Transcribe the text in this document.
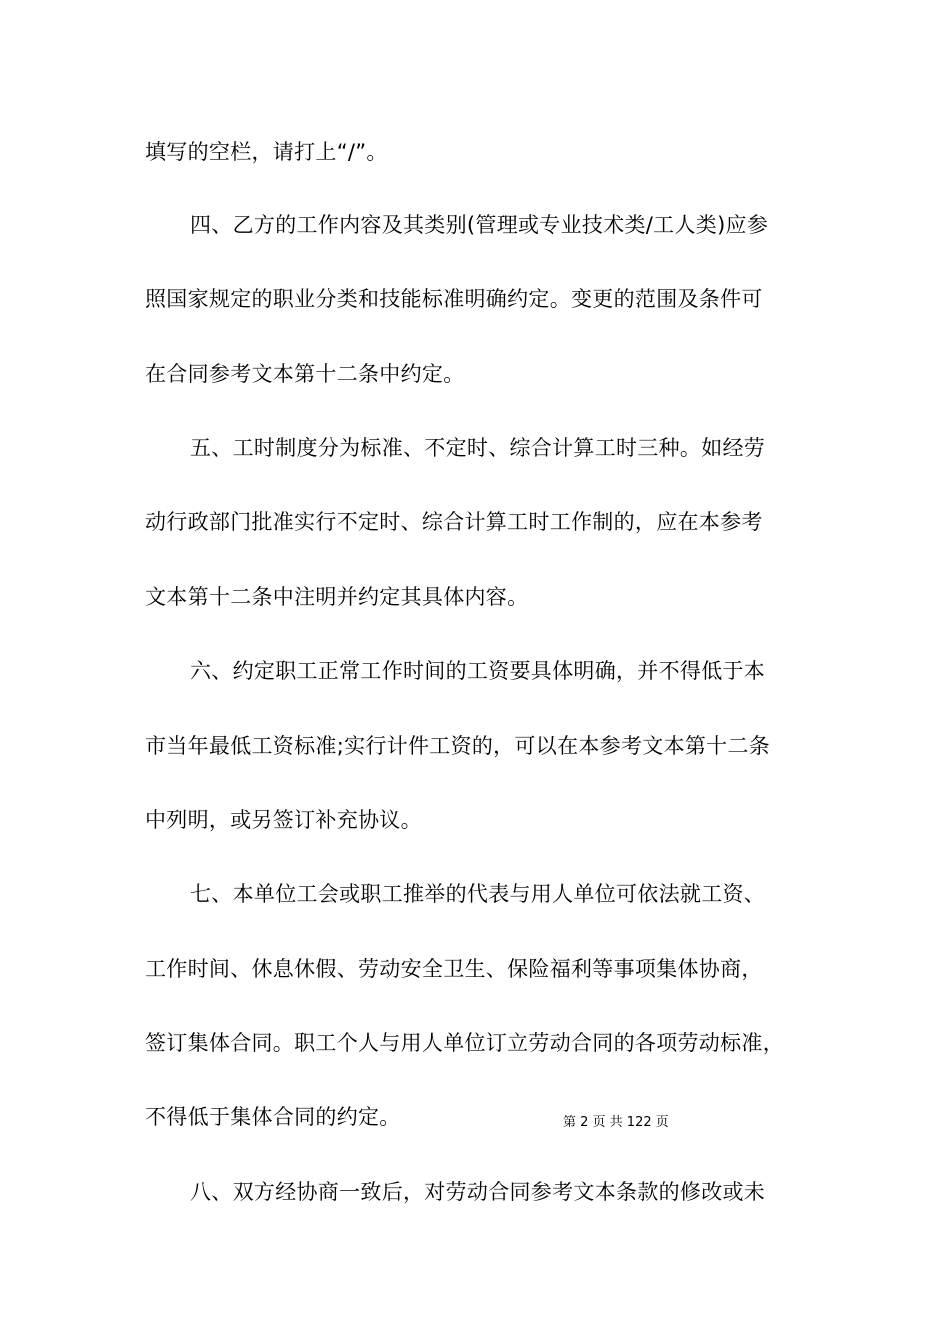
填写的空栏，请打上“/”。
四、乙方的工作内容及其类别(管理或专业技术类/工人类)应参
照国家规定的职业分类和技能标准明确约定。变更的范围及条件可
在合同参考文本第十二条中约定。
五、工时制度分为标准、不定时、综合计算工时三种。如经劳
动行政部门批准实行不定时、综合计算工时工作制的，应在本参考
文本第十二条中注明并约定其具体内容。
六、约定职工正常工作时间的工资要具体明确，并不得低于本
市当年最低工资标准;实行计件工资的，可以在本参考文本第十二条
中列明，或另签订补充协议。
七、本单位工会或职工推举的代表与用人单位可依法就工资、
工作时间、休息休假、劳动安全卫生、保险福利等事项集体协商，
签订集体合同。职工个人与用人单位订立劳动合同的各项劳动标准，
不得低于集体合同的约定。	第 2 页 共 122 页
八、双方经协商一致后，对劳动合同参考文本条款的修改或未
